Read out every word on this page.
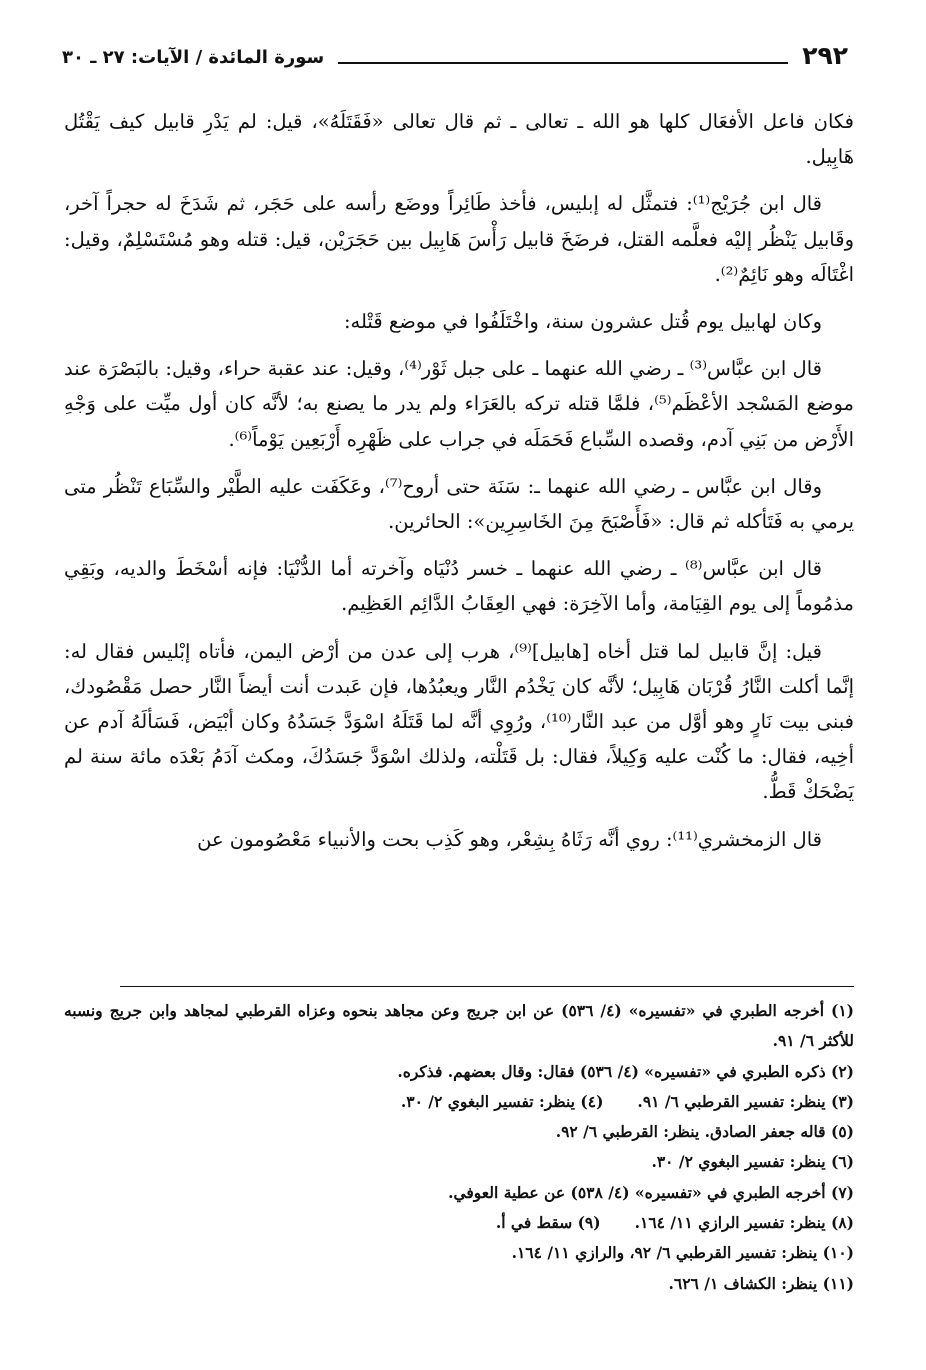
٢٩٢
سورة المائدة / الآيات: ٢٧ ـ ٣٠

فكان فاعل الأفعَال كلها هو الله ـ تعالى ـ ثم قال تعالى «فَقَتَلَهُ»، قيل: لم يَدْرِ قابيل كيف يَقْتُل هَابِيل.

قال ابن جُرَيْج⁽¹⁾: فتمثَّل له إبليس، فأخذ طَائِراً ووضَع رأسه على حَجَر، ثم شَدَخَ له حجراً آخر، وقَابيل يَنْظُر إليْه فعلَّمه القتل، فرضَخَ قابيل رَأْسَ هَابِيل بين حَجَرَيْن، قيل: قتله وهو مُسْتَسْلِمٌ، وقيل: اغْتَالَه وهو نَائِمٌ⁽²⁾.

وكان لهابيل يوم قُتل عشرون سنة، واخْتَلَفُوا في موضع قَتْله:

قال ابن عبَّاس⁽³⁾ ـ رضي الله عنهما ـ على جبل ثَوْر⁽⁴⁾، وقيل: عند عقبة حراء، وقيل: بالبَصْرَة عند موضع المَسْجد الأعْظَم⁽⁵⁾، فلمَّا قتله تركه بالعَرَاء ولم يدر ما يصنع به؛ لأنَّه كان أول ميِّت على وَجْهِ الأَرْض من بَنِي آدم، وقصده السِّباع فَحَمَلَه في جراب على ظَهْرِه أَرْبَعِين يَوْماً⁽⁶⁾.

وقال ابن عبَّاس ـ رضي الله عنهما ـ: سَنَة حتى أروح⁽⁷⁾، وعَكَفَت عليه الطَّيْر والسِّبَاع تَنْظُر متى يرمي به فَتَأكله ثم قال: «فَأَصْبَحَ مِنَ الخَاسِرِين»: الحائرين.

قال ابن عبَّاس⁽⁸⁾ ـ رضي الله عنهما ـ خسر دُنْيَاه وآخرته أما الدُّنْيَا: فإنه أسْخَطَ والديه، وبَقِي مذمُوماً إلى يوم القِيَامة، وأما الآخِرَة: فهي العِقَابُ الدَّائِم العَظِيم.

قيل: إنَّ قابيل لما قتل أخاه [هابيل]⁽⁹⁾، هرب إلى عدن من أرْض اليمن، فأتاه إبْليس فقال له: إنَّما أكلت النَّارُ قُرْبَان هَابِيل؛ لأنَّه كان يَخْدُم النَّار ويعبُدُها، فإن عَبدت أنت أيضاً النَّار حصل مَقْصُودك، فبنى بيت نَارٍ وهو أوَّل من عبد النَّار⁽¹⁰⁾، ورُوِي أنَّه لما قَتَلَهُ اسْوَدَّ جَسَدُهُ وكان أبْيَض، فَسَألَهُ آدم عن أخِيه، فقال: ما كُنْت عليه وَكِيلاً، فقال: بل قَتَلْته، ولذلك اسْوَدَّ جَسَدُكَ، ومكث آدَمُ بَعْدَه مائة سنة لم يَضْحَكْ قَطُّ.

قال الزمخشري⁽¹¹⁾: روي أنَّه رَثَاهُ بِشِعْر، وهو كَذِب بحت والأنبياء مَعْصُومون عن

(١) أخرجه الطبري في «تفسيره» (٤/ ٥٣٦) عن ابن جريج وعن مجاهد بنحوه وعزاه القرطبي لمجاهد وابن جريج ونسبه للأكثر ٦/ ٩١.

(٢) ذكره الطبري في «تفسيره» (٤/ ٥٣٦) فقال: وقال بعضهم. فذكره.

(٣) ينظر: تفسير القرطبي ٦/ ٩١.
(٤) ينظر: تفسير البغوي ٢/ ٣٠.

(٥) قاله جعفر الصادق. ينظر: القرطبي ٦/ ٩٢.

(٦) ينظر: تفسير البغوي ٢/ ٣٠.

(٧) أخرجه الطبري في «تفسيره» (٤/ ٥٣٨) عن عطية العوفي.

(٨) ينظر: تفسير الرازي ١١/ ١٦٤.
(٩) سقط في أ.

(١٠) ينظر: تفسير القرطبي ٦/ ٩٢، والرازي ١١/ ١٦٤.

(١١) ينظر: الكشاف ١/ ٦٢٦.
